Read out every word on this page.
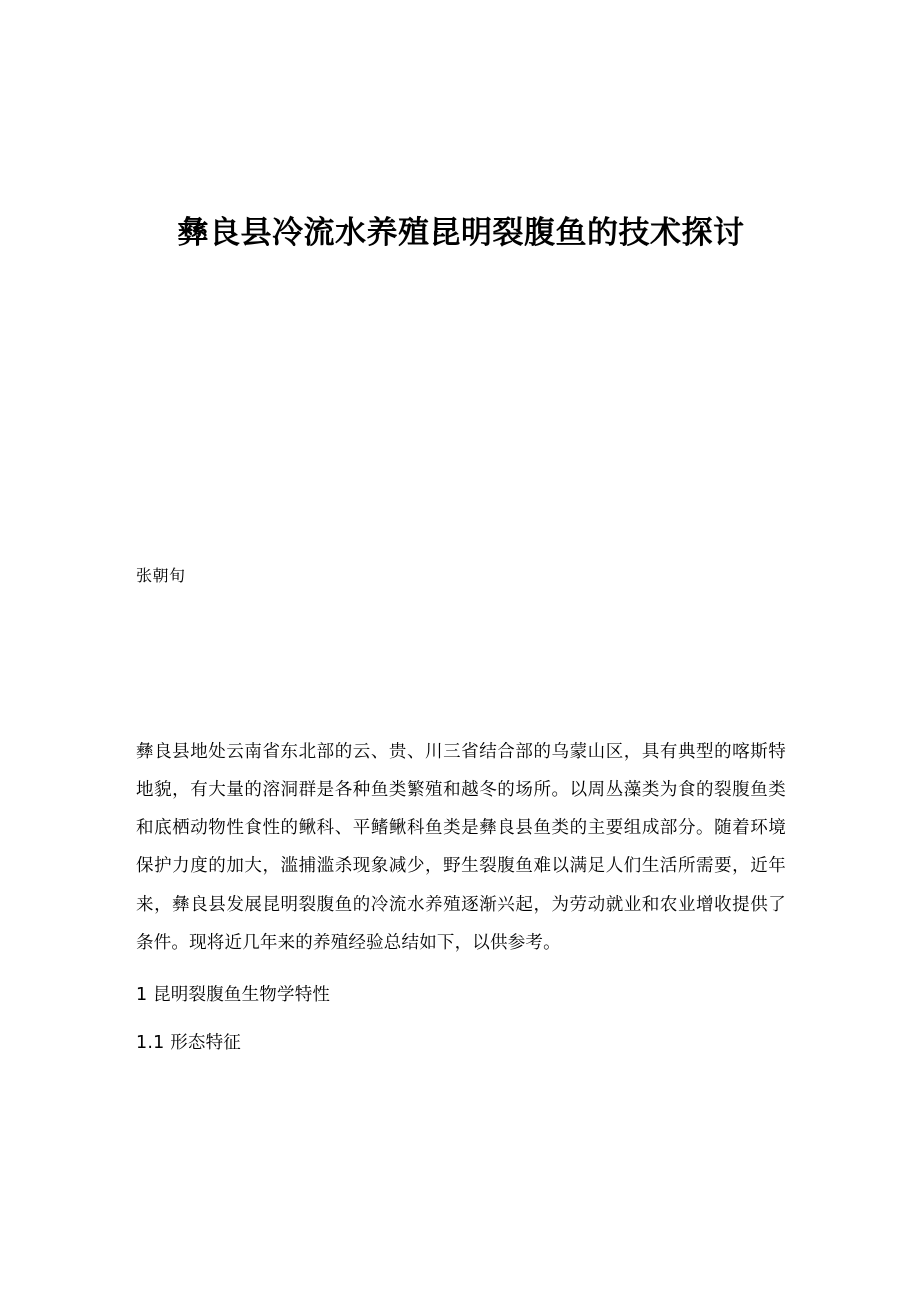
彝良县冷流水养殖昆明裂腹鱼的技术探讨
张朝旬

彝良县地处云南省东北部的云、贵、川三省结合部的乌蒙山区，具有典型的喀斯特地貌，有大量的溶洞群是各种鱼类繁殖和越冬的场所。以周丛藻类为食的裂腹鱼类和底栖动物性食性的鳅科、平鳍鳅科鱼类是彝良县鱼类的主要组成部分。随着环境保护力度的加大，滥捕滥杀现象减少，野生裂腹鱼难以满足人们生活所需要，近年来，彝良县发展昆明裂腹鱼的冷流水养殖逐渐兴起，为劳动就业和农业增收提供了条件。现将近几年来的养殖经验总结如下，以供参考。

1 昆明裂腹鱼生物学特性

1.1 形态特征
